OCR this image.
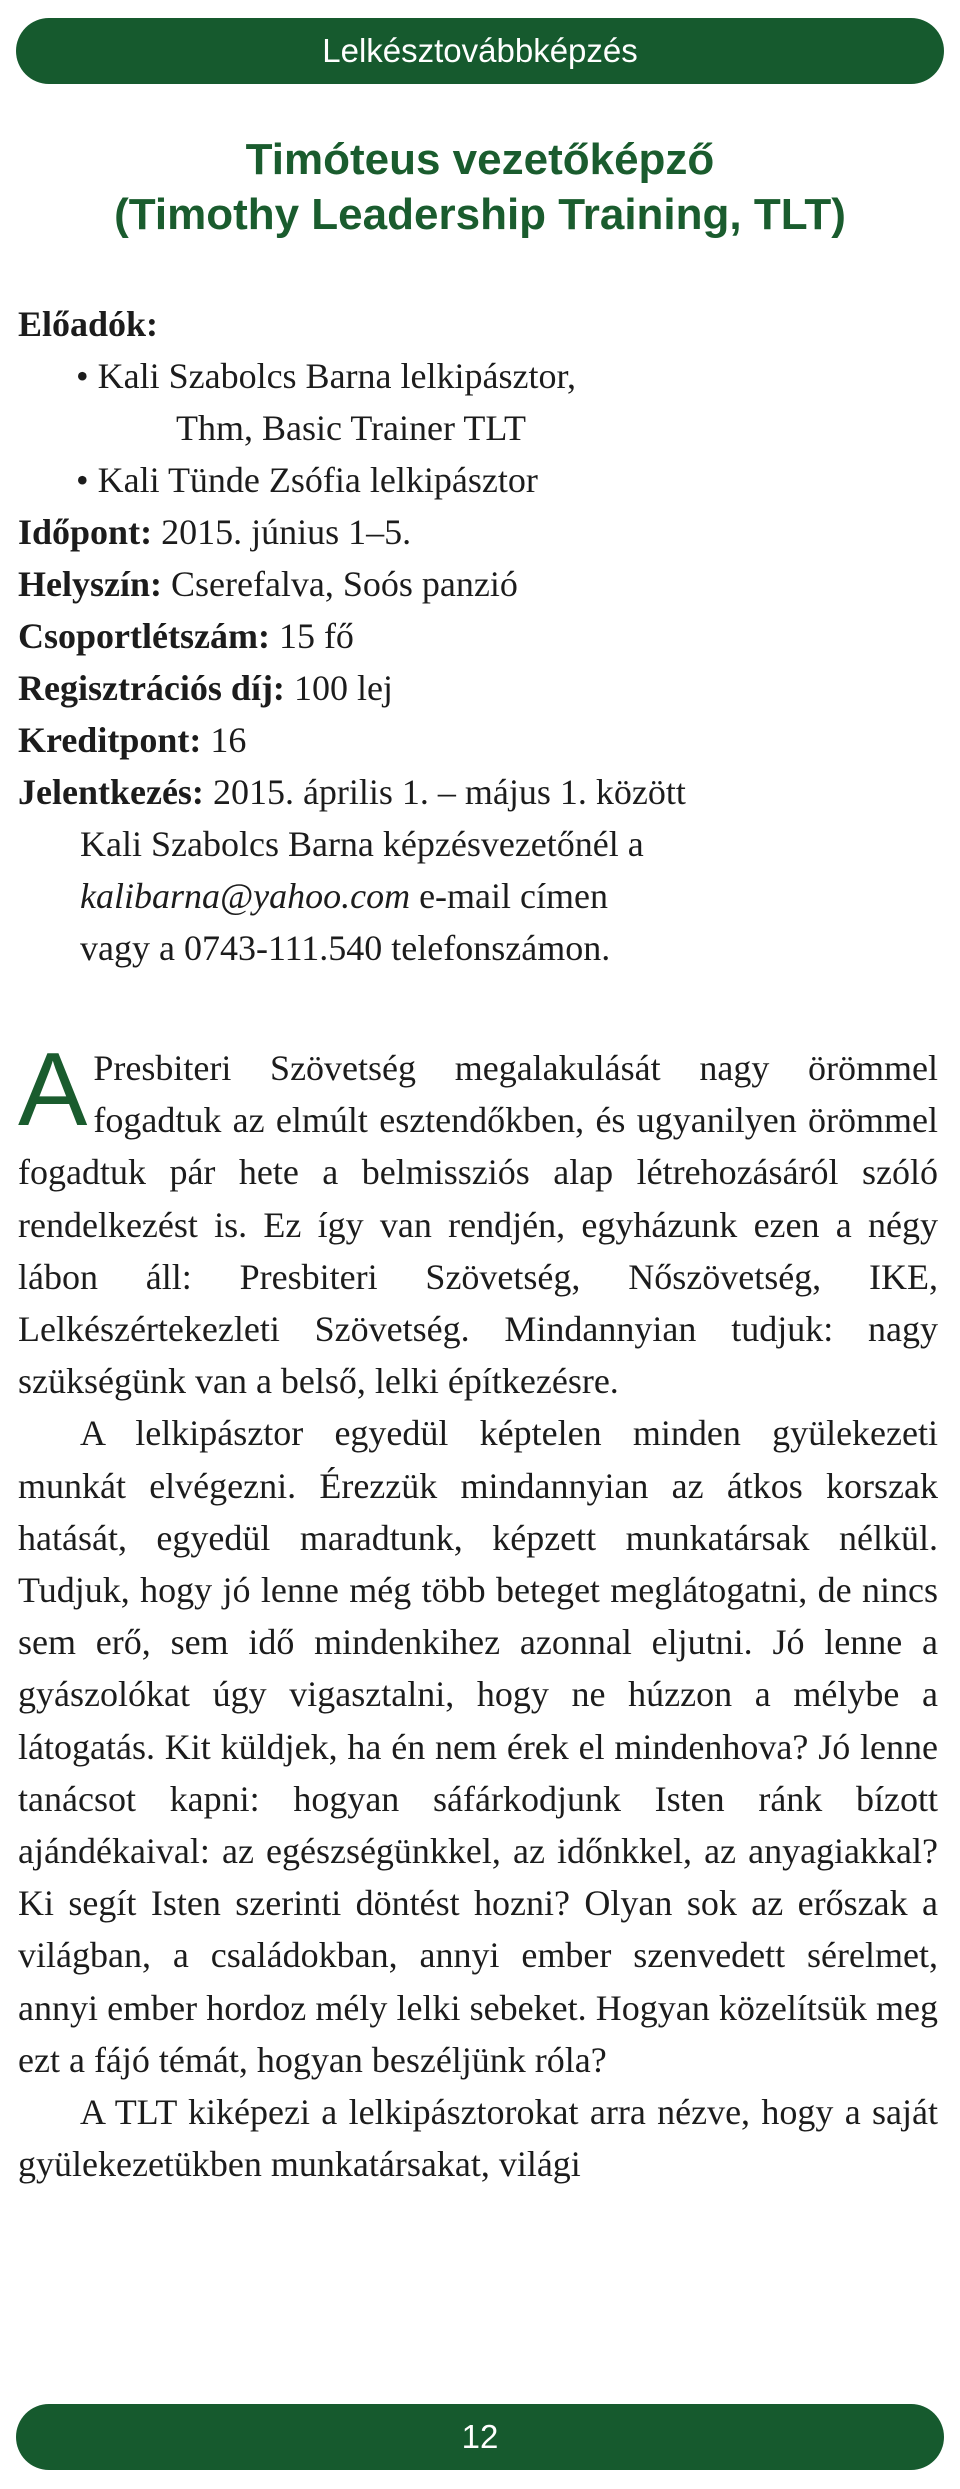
Lelkésztovábbképzés
Timóteus vezetőképző
(Timothy Leadership Training, TLT)
Előadók:
• Kali Szabolcs Barna lelkipásztor,
Thm, Basic Trainer TLT
• Kali Tünde Zsófia lelkipásztor
Időpont: 2015. június 1–5.
Helyszín: Cserefalva, Soós panzió
Csoportlétszám: 15 fő
Regisztrációs díj: 100 lej
Kreditpont: 16
Jelentkezés: 2015. április 1. – május 1. között
Kali Szabolcs Barna képzésvezetőnél a
kalibarna@yahoo.com e-mail címen
vagy a 0743-111.540 telefonszámon.

A Presbiteri Szövetség megalakulását nagy örömmel fogadtuk az elmúlt esztendőkben, és ugyanilyen örömmel fogadtuk pár hete a belmissziós alap létrehozásáról szóló rendelkezést is. Ez így van rendjén, egyházunk ezen a négy lábon áll: Presbiteri Szövetség, Nőszövetség, IKE, Lelkészértekezleti Szövetség. Mindannyian tudjuk: nagy szükségünk van a belső, lelki építkezésre.

A lelkipásztor egyedül képtelen minden gyülekezeti munkát elvégezni. Érezzük mindannyian az átkos korszak hatását, egyedül maradtunk, képzett munkatársak nélkül. Tudjuk, hogy jó lenne még több beteget meglátogatni, de nincs sem erő, sem idő mindenkihez azonnal eljutni. Jó lenne a gyászolókat úgy vigasztalni, hogy ne húzzon a mélybe a látogatás. Kit küldjek, ha én nem érek el mindenhova? Jó lenne tanácsot kapni: hogyan sáfárkodjunk Isten ránk bízott ajándékaival: az egészségünkkel, az időnkkel, az anyagiakkal? Ki segít Isten szerinti döntést hozni? Olyan sok az erőszak a világban, a családokban, annyi ember szenvedett sérelmet, annyi ember hordoz mély lelki sebeket. Hogyan közelítsük meg ezt a fájó témát, hogyan beszéljünk róla?

A TLT kiképezi a lelkipásztorokat arra nézve, hogy a saját gyülekezetükben munkatársakat, világi

12
